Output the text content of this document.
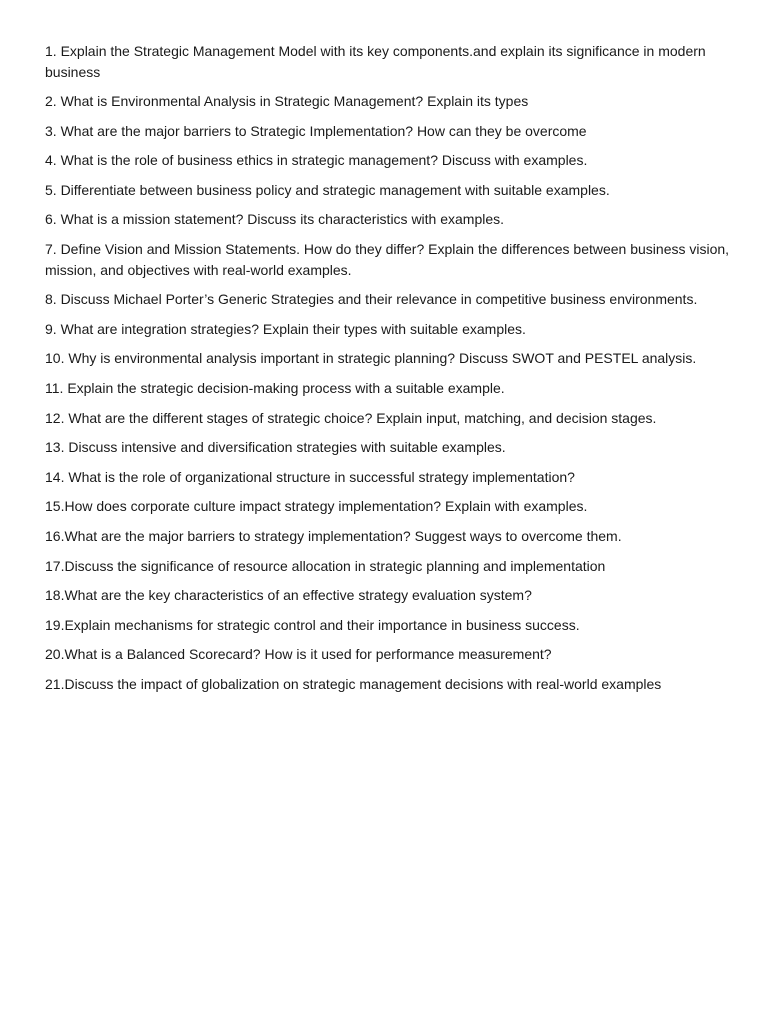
1. Explain the Strategic Management Model with its key components.and explain its significance in modern business

2. What is Environmental Analysis in Strategic Management? Explain its types

3. What are the major barriers to Strategic Implementation? How can they be overcome

4. What is the role of business ethics in strategic management? Discuss with examples.

5. Differentiate between business policy and strategic management with suitable examples.

6. What is a mission statement? Discuss its characteristics with examples.

7. Define Vision and Mission Statements. How do they differ? Explain the differences between business vision, mission, and objectives with real-world examples.

8. Discuss Michael Porter’s Generic Strategies and their relevance in competitive business environments.

9. What are integration strategies? Explain their types with suitable examples.

10. Why is environmental analysis important in strategic planning? Discuss SWOT and PESTEL analysis.

11. Explain the strategic decision-making process with a suitable example.

12. What are the different stages of strategic choice? Explain input, matching, and decision stages.

13. Discuss intensive and diversification strategies with suitable examples.

14. What is the role of organizational structure in successful strategy implementation?

15.How does corporate culture impact strategy implementation? Explain with examples.

16.What are the major barriers to strategy implementation? Suggest ways to overcome them.

17.Discuss the significance of resource allocation in strategic planning and implementation

18.What are the key characteristics of an effective strategy evaluation system?

19.Explain mechanisms for strategic control and their importance in business success.

20.What is a Balanced Scorecard? How is it used for performance measurement?

21.Discuss the impact of globalization on strategic management decisions with real-world examples
